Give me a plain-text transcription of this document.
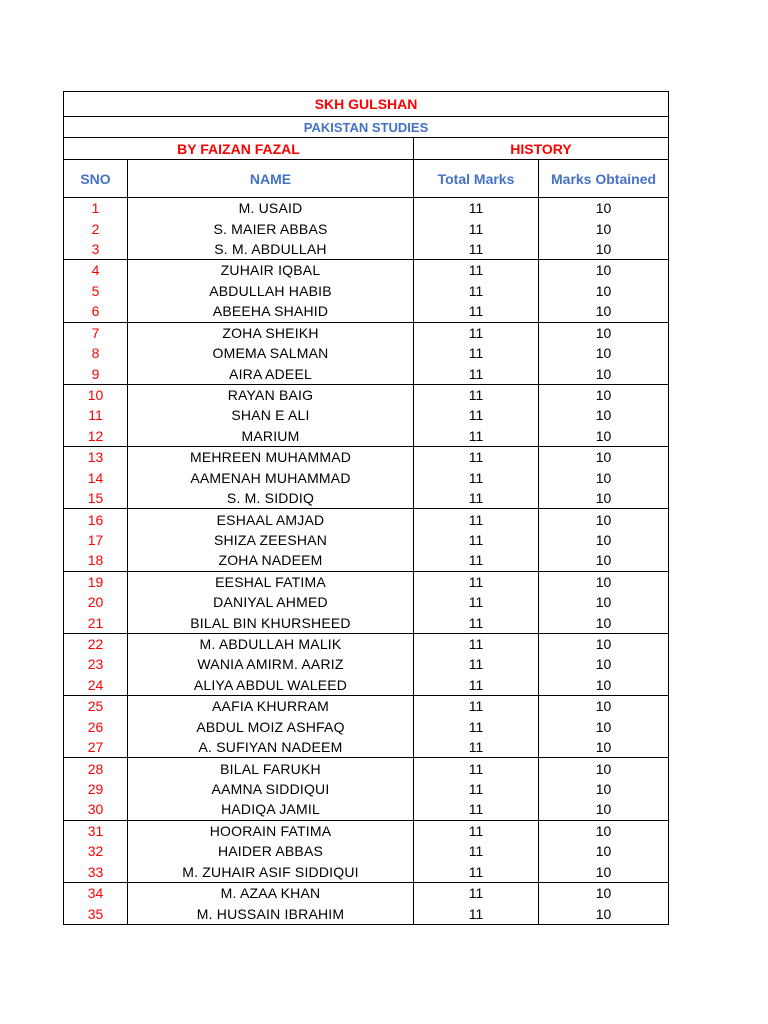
SKH GULSHAN			
PAKISTAN STUDIES			
BY FAIZAN FAZAL		HISTORY	
SNO	NAME	Total Marks	Marks Obtained
1	M. USAID	11	10
2	S. MAIER ABBAS	11	10
3	S. M. ABDULLAH	11	10
4	ZUHAIR IQBAL	11	10
5	ABDULLAH HABIB	11	10
6	ABEEHA SHAHID	11	10
7	ZOHA SHEIKH	11	10
8	OMEMA SALMAN	11	10
9	AIRA ADEEL	11	10
10	RAYAN BAIG	11	10
11	SHAN E ALI	11	10
12	MARIUM	11	10
13	MEHREEN MUHAMMAD	11	10
14	AAMENAH MUHAMMAD	11	10
15	S. M. SIDDIQ	11	10
16	ESHAAL AMJAD	11	10
17	SHIZA ZEESHAN	11	10
18	ZOHA NADEEM	11	10
19	EESHAL FATIMA	11	10
20	DANIYAL AHMED	11	10
21	BILAL BIN KHURSHEED	11	10
22	M. ABDULLAH MALIK	11	10
23	WANIA AMIRM. AARIZ	11	10
24	ALIYA ABDUL WALEED	11	10
25	AAFIA KHURRAM	11	10
26	ABDUL MOIZ ASHFAQ	11	10
27	A. SUFIYAN NADEEM	11	10
28	BILAL FARUKH	11	10
29	AAMNA SIDDIQUI	11	10
30	HADIQA JAMIL	11	10
31	HOORAIN FATIMA	11	10
32	HAIDER ABBAS	11	10
33	M. ZUHAIR ASIF SIDDIQUI	11	10
34	M. AZAA KHAN	11	10
35	M. HUSSAIN IBRAHIM	11	10
